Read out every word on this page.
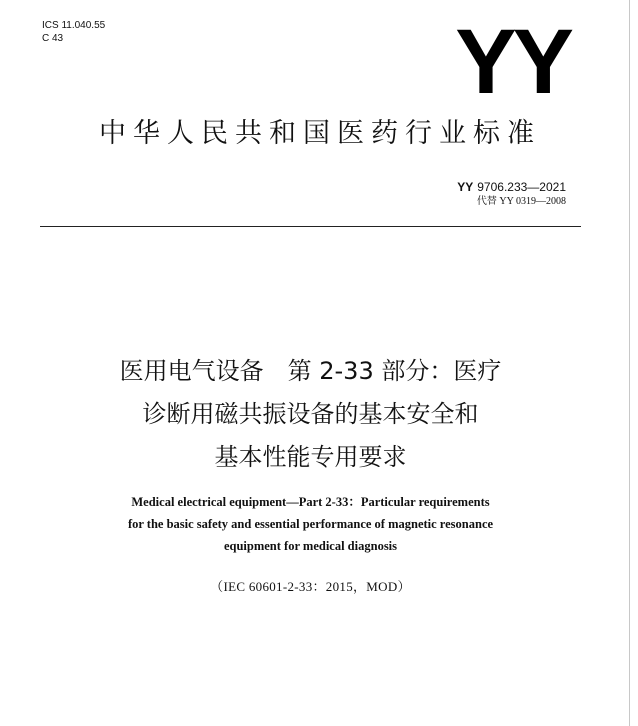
ICS 11.040.55
C 43	YY
中华人民共和国医药行业标准
YY 9706.233—2021
代替 YY 0319—2008
医用电气设备　第 2-33 部分：医疗
诊断用磁共振设备的基本安全和
基本性能专用要求
Medical electrical equipment—Part 2-33：Particular requirements
for the basic safety and essential performance of magnetic resonance
equipment for medical diagnosis
（IEC 60601-2-33：2015，MOD）
